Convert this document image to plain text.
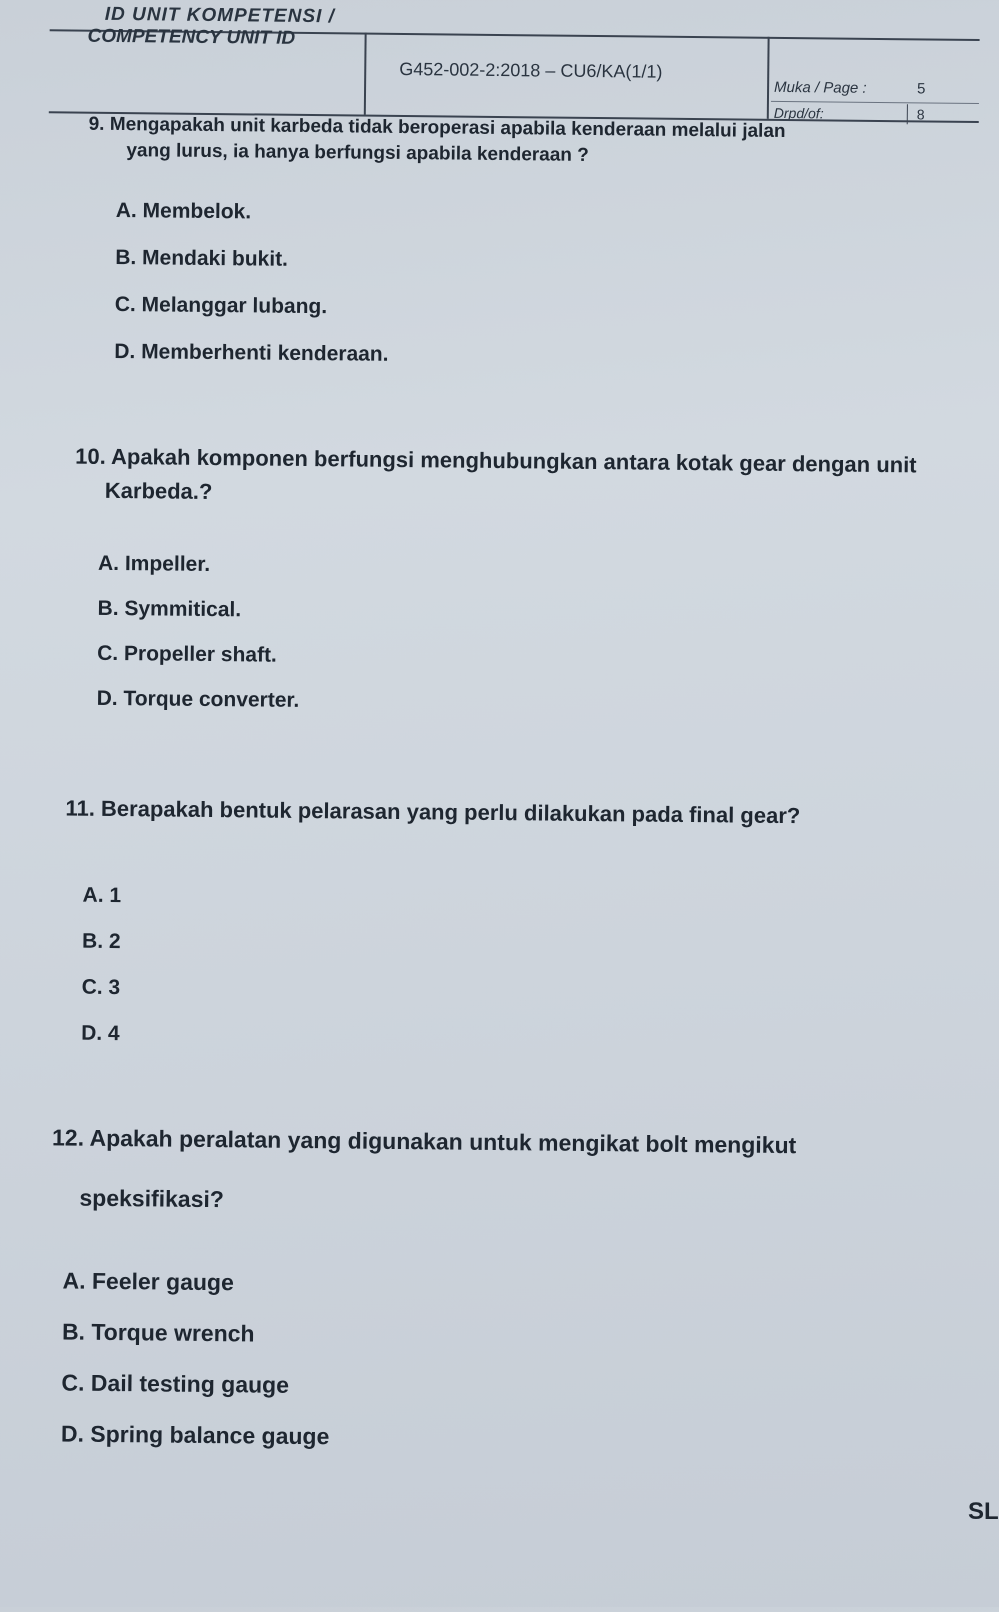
ID UNIT KOMPETENSI /
COMPETENCY UNIT ID
G452-002-2:2018 – CU6/KA(1/1)
Muka / Page :	5
Drpd/of:	8
9. Mengapakah unit karbeda tidak beroperasi apabila kenderaan melalui jalan
yang lurus, ia hanya berfungsi apabila kenderaan ?
A. Membelok.
B. Mendaki bukit.
C. Melanggar lubang.
D. Memberhenti kenderaan.
10. Apakah komponen berfungsi menghubungkan antara kotak gear dengan unit
Karbeda.?
A. Impeller.
B. Symmitical.
C. Propeller shaft.
D. Torque converter.
11. Berapakah bentuk pelarasan yang perlu dilakukan pada final gear?
A. 1
B. 2
C. 3
D. 4
12. Apakah peralatan yang digunakan untuk mengikat bolt mengikut
speksifikasi?
A. Feeler gauge
B. Torque wrench
C. Dail testing gauge
D. Spring balance gauge
SL
